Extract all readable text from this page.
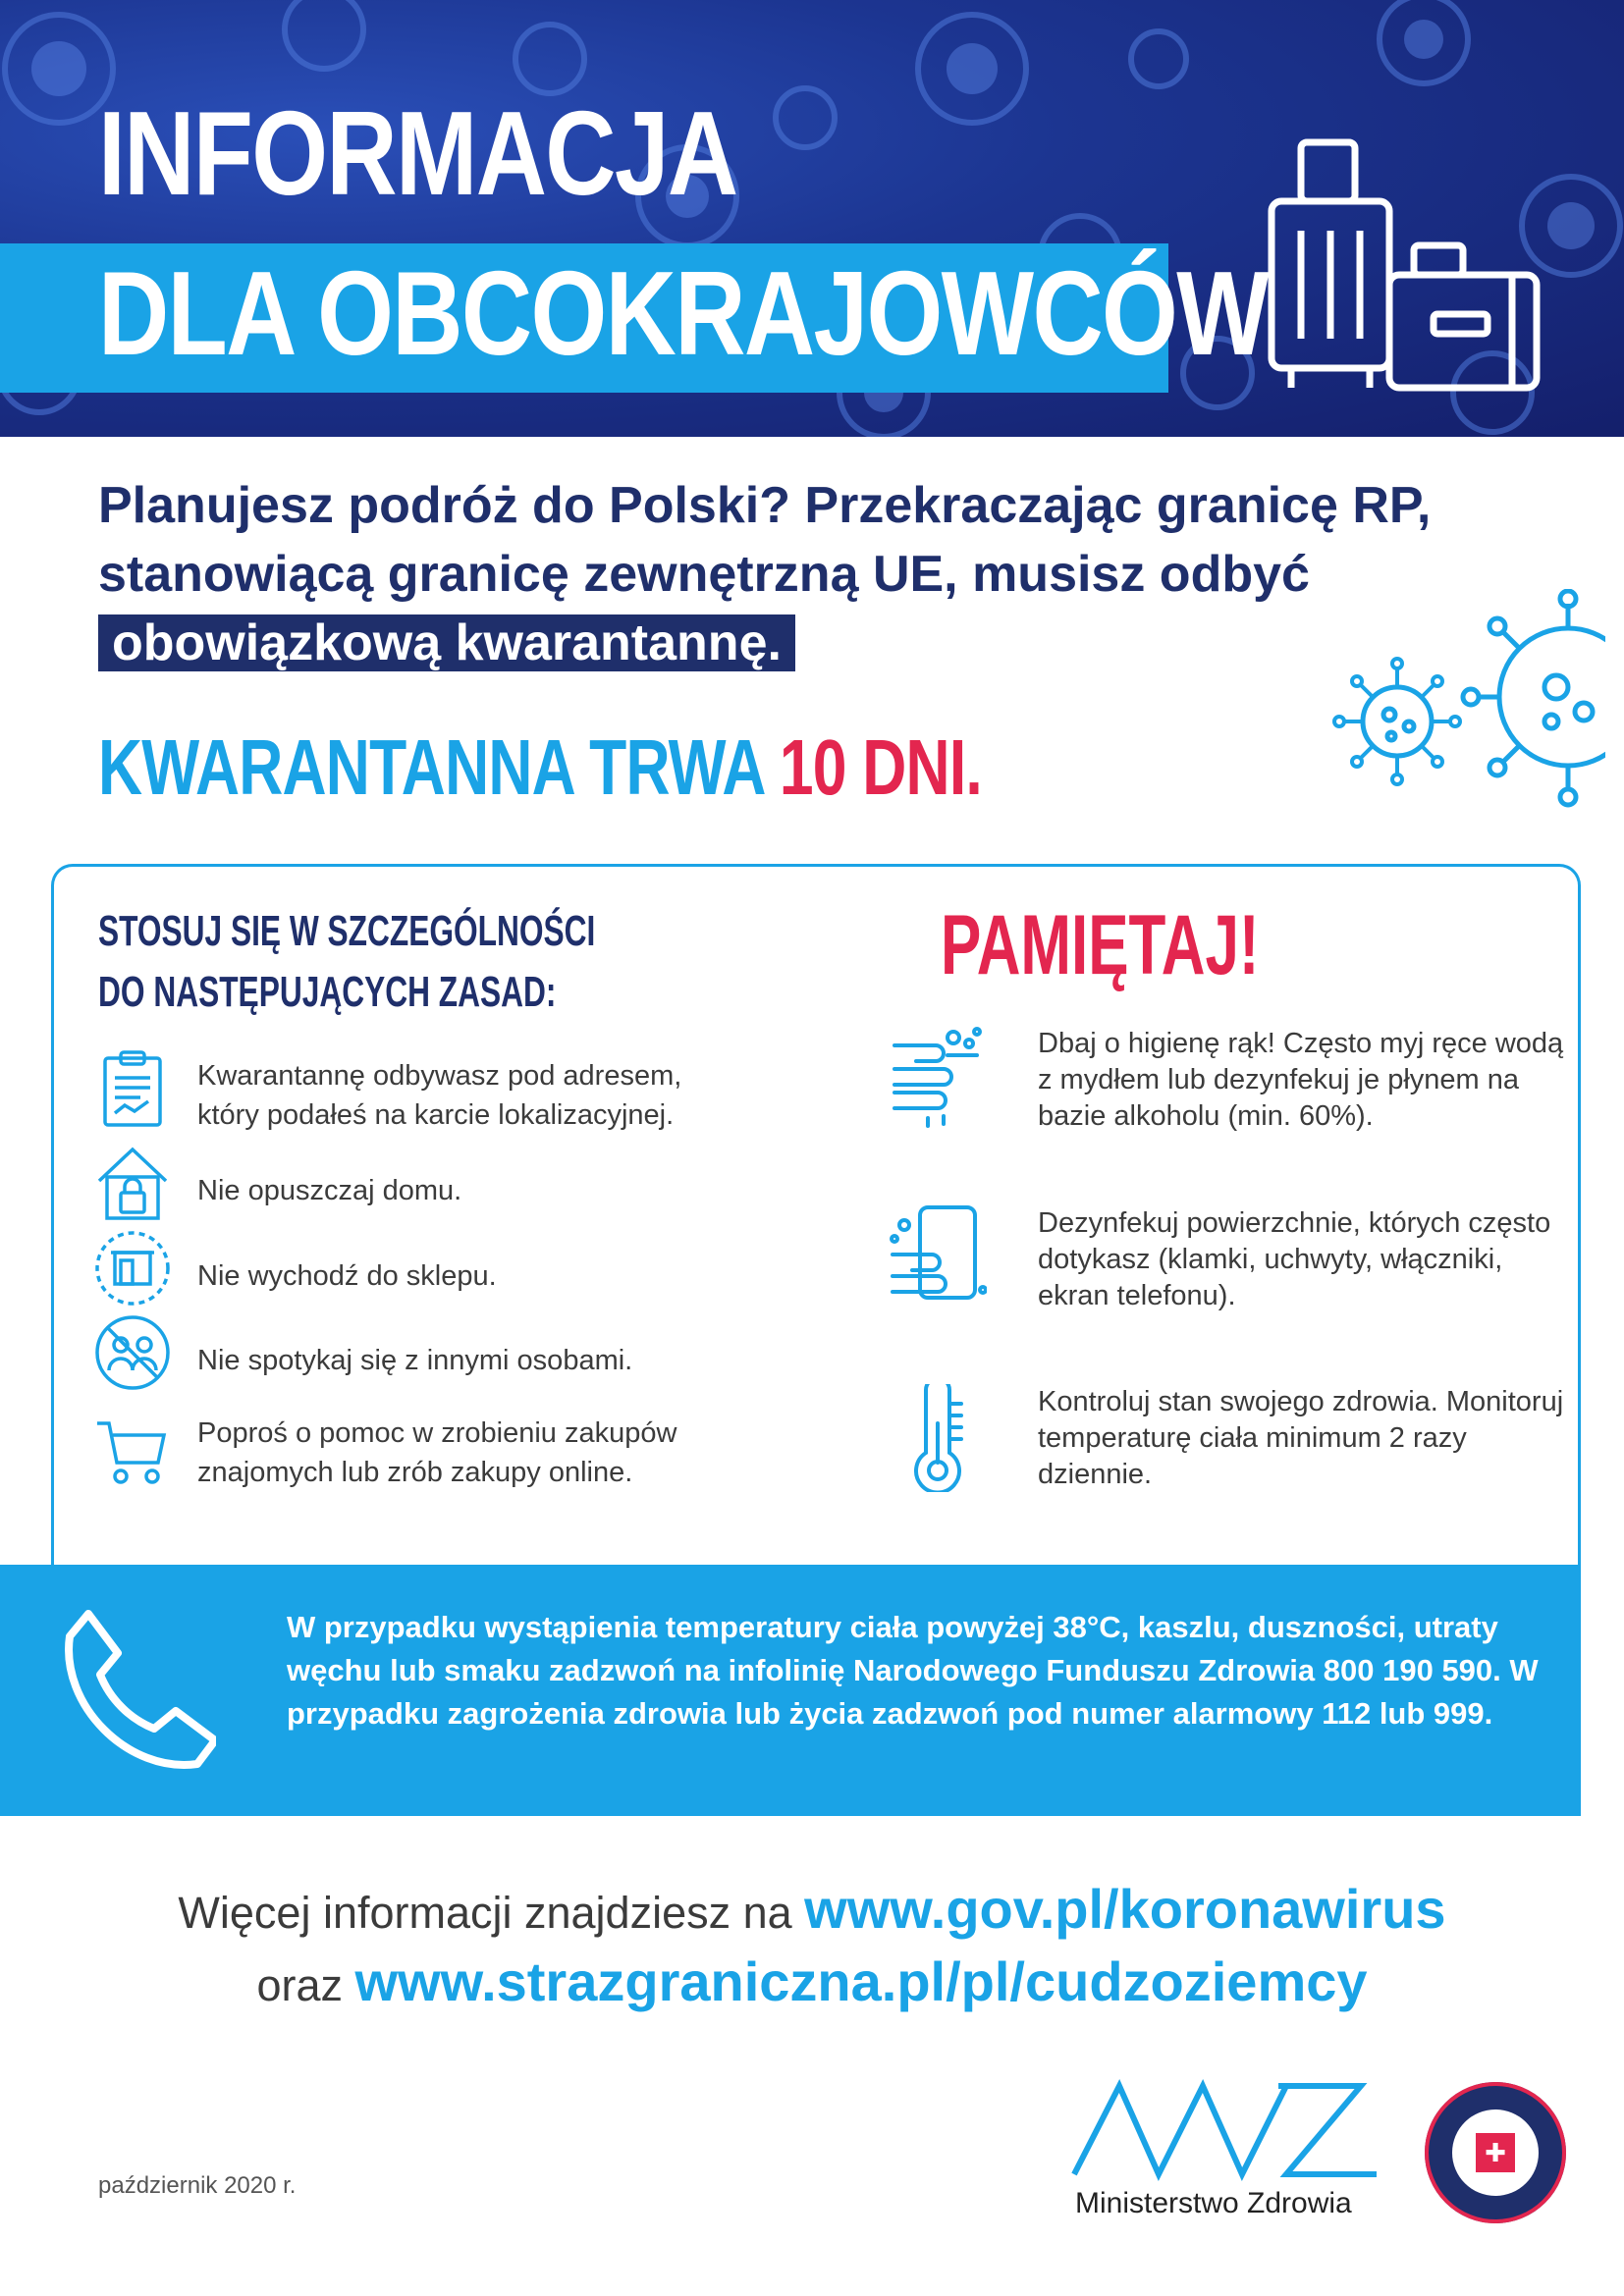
INFORMACJA
DLA OBCOKRAJOWCÓW
Planujesz podróż do Polski? Przekraczając granicę RP, stanowiącą granicę zewnętrzną UE, musisz odbyć obowiązkową kwarantannę.
KWARANTANNA TRWA 10 DNI.
STOSUJ SIĘ W SZCZEGÓLNOŚCI
DO NASTĘPUJĄCYCH ZASAD:	PAMIĘTAJ!
Kwarantannę odbywasz pod adresem, który podałeś na karcie lokalizacyjnej.
Nie opuszczaj domu.
Nie wychodź do sklepu.
Nie spotykaj się z innymi osobami.
Poproś o pomoc w zrobieniu zakupów znajomych lub zrób zakupy online.
Dbaj o higienę rąk! Często myj ręce wodą z mydłem lub dezynfekuj je płynem na bazie alkoholu (min. 60%).
Dezynfekuj powierzchnie, których często dotykasz (klamki, uchwyty, włączniki, ekran telefonu).
Kontroluj stan swojego zdrowia. Monitoruj temperaturę ciała minimum 2 razy dziennie.
W przypadku wystąpienia temperatury ciała powyżej 38°C, kaszlu, duszności, utraty węchu lub smaku zadzwoń na infolinię Narodowego Funduszu Zdrowia 800 190 590. W przypadku zagrożenia zdrowia lub życia zadzwoń pod numer alarmowy 112 lub 999.
Więcej informacji znajdziesz na www.gov.pl/koronawirus
oraz www.strazgraniczna.pl/pl/cudzoziemcy
październik 2020 r.
Ministerstwo Zdrowia
✚
